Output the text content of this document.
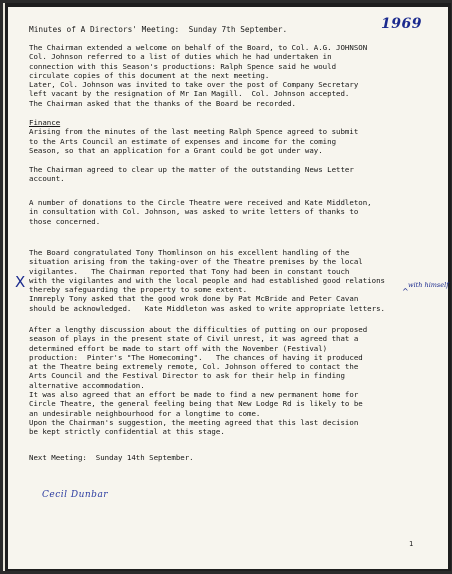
1969
Minutes of A Directors' Meeting:  Sunday 7th September.
The Chairman extended a welcome on behalf of the Board, to Col. A.G. JOHNSON
Col. Johnson referred to a list of duties which he had undertaken in
connection with this Season's productions: Ralph Spence said he would
circulate copies of this document at the next meeting.
Later, Col. Johnson was invited to take over the post of Company Secretary
left vacant by the resignation of Mr Ian Magill.  Col. Johnson accepted.
The Chairman asked that the thanks of the Board be recorded.
Finance
Arising from the minutes of the last meeting Ralph Spence agreed to submit
to the Arts Council an estimate of expenses and income for the coming
Season, so that an application for a Grant could be got under way.
The Chairman agreed to clear up the matter of the outstanding News Letter
account.
A number of donations to the Circle Theatre were received and Kate Middleton,
in consultation with Col. Johnson, was asked to write letters of thanks to
those concerned.
The Board congratulated Tony Thomlinson on his excellent handling of the
situation arising from the taking-over of the Theatre premises by the local
vigilantes.   The Chairman reported that Tony had been in constant touch
with the vigilantes and with the local people and had established good relations
thereby safeguarding the property to some extent.
Inmreply Tony asked that the good wrok done by Pat McBride and Peter Cavan
should be acknowledged.   Kate Middleton was asked to write appropriate letters.
After a lengthy discussion about the difficulties of putting on our proposed
season of plays in the present state of Civil unrest, it was agreed that a
determined effort be made to start off with the November (Festival)
production:  Pinter's "The Homecoming".   The chances of having it produced
at the Theatre being extremely remote, Col. Johnson offered to contact the
Arts Council and the Festival Director to ask for their help in finding
alternative accommodation.
It was also agreed that an effort be made to find a new permanent home for
Circle Theatre, the general feeling being that New Lodge Rd is likely to be
an undesirable neighbourhood for a longtime to come.
Upon the Chairman's suggestion, the meeting agreed that this last decision
be kept strictly confidential at this stage.
Next Meeting:  Sunday 14th September.
X
^
with himself
Cecil Dunbar
1
